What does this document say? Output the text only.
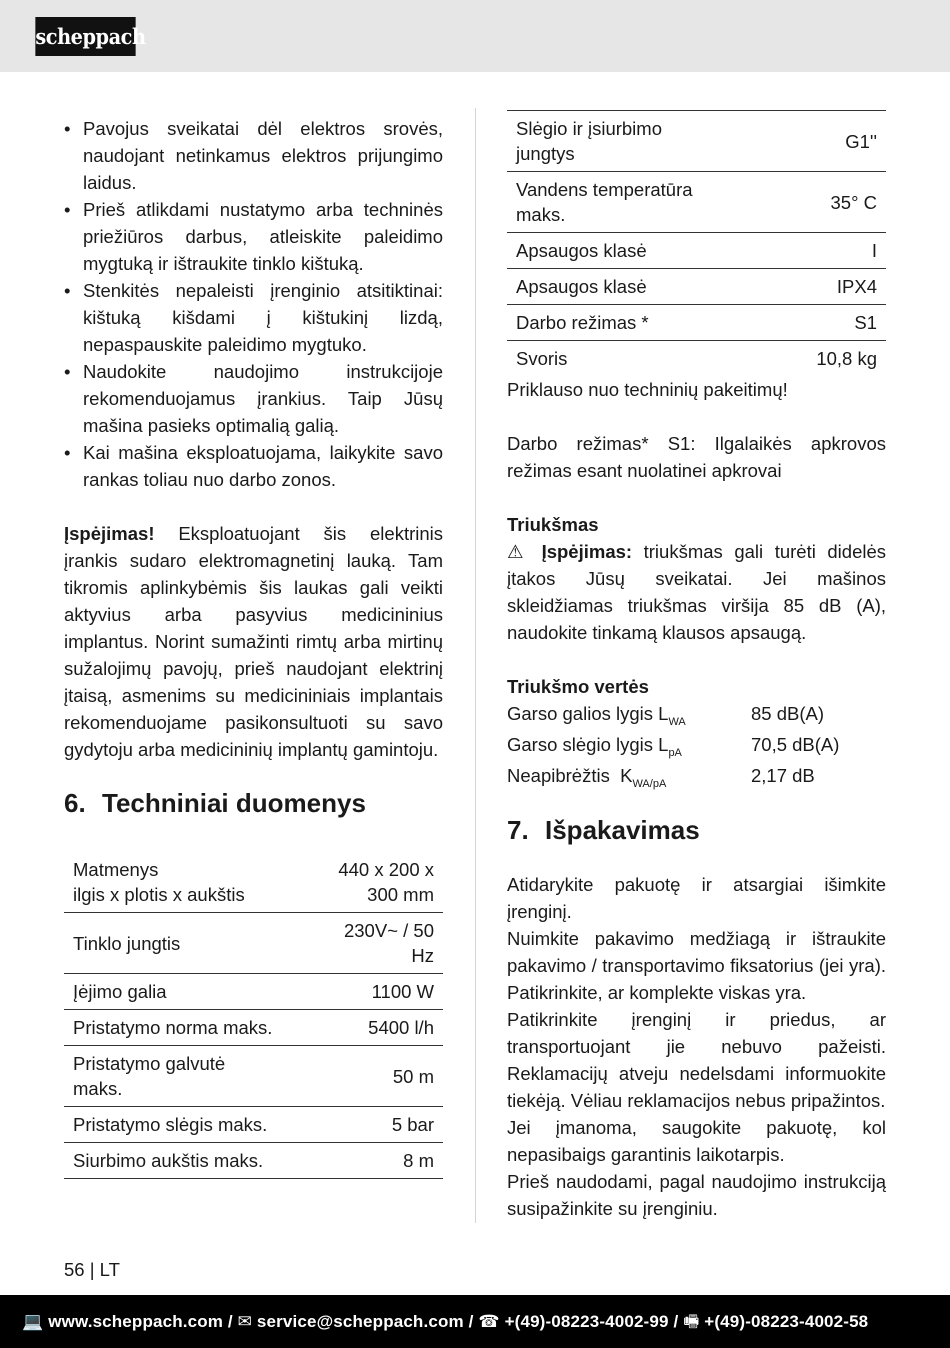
scheppach
• Pavojus sveikatai dėl elektros srovės, naudojant netinkamus elektros prijungimo laidus.
• Prieš atlikdami nustatymo arba techninės priežiūros darbus, atleiskite paleidimo mygtuką ir ištraukite tinklo kištuką.
• Stenkitės nepaleisti įrenginio atsitiktinai: kištuką kišdami į kištukinį lizdą, nepaspauskite paleidimo mygtuko.
• Naudokite naudojimo instrukcijoje rekomenduojamus įrankius. Taip Jūsų mašina pasieks optimalią galią.
• Kai mašina eksploatuojama, laikykite savo rankas toliau nuo darbo zonos.

Įspėjimas! Eksploatuojant šis elektrinis įrankis sudaro elektromagnetinį lauką. Tam tikromis aplinkybėmis šis laukas gali veikti aktyvius arba pasyvius medicininius implantus. Norint sumažinti rimtų arba mirtinų sužalojimų pavojų, prieš naudojant elektrinį įtaisą, asmenims su medicininiais implantais rekomenduojame pasikonsultuoti su savo gydytoju arba medicininių implantų gamintoju.

6. Techniniai duomenys
Matmenys
ilgis x plotis x aukštis	440 x 200 x
300 mm
Tinklo jungtis	230V~ / 50
Hz
Įėjimo galia	1100 W
Pristatymo norma maks.	5400 l/h
Pristatymo galvutė
maks.	50 m
Pristatymo slėgis maks.	5 bar
Siurbimo aukštis maks.	8 m
Slėgio ir įsiurbimo
jungtys	G1''
Vandens temperatūra
maks.	35° C
Apsaugos klasė	I
Apsaugos klasė	IPX4
Darbo režimas *	S1
Svoris	10,8 kg

Priklauso nuo techninių pakeitimų!

Darbo režimas* S1: Ilgalaikės apkrovos režimas esant nuolatinei apkrovai

Triukšmas

⚠ Įspėjimas: triukšmas gali turėti didelės įtakos Jūsų sveikatai. Jei mašinos skleidžiamas triukšmas viršija 85 dB (A), naudokite tinkamą klausos apsaugą.

Triukšmo vertės

Garso galios lygis $L_{WA}$	85 dB(A)
Garso slėgio lygis $L_{pA}$	70,5 dB(A)
Neapibrėžtis  $K_{WA/pA}$	2,17 dB
7. Išpakavimas

Atidarykite pakuotę ir atsargiai išimkite įrenginį.

Nuimkite pakavimo medžiagą ir ištraukite pakavimo / transportavimo fiksatorius (jei yra). Patikrinkite, ar komplekte viskas yra.

Patikrinkite įrenginį ir priedus, ar transportuojant jie nebuvo pažeisti. Reklamacijų atveju nedelsdami informuokite tiekėją. Vėliau reklamacijos nebus pripažintos.

Jei įmanoma, saugokite pakuotę, kol nepasibaigs garantinis laikotarpis.

Prieš naudodami, pagal naudojimo instrukciją susipažinkite su įrenginiu.

56 | LT
💻 www.scheppach.com / ✉ service@scheppach.com / ☎ +(49)-08223-4002-99 / 🖷 +(49)-08223-4002-58
